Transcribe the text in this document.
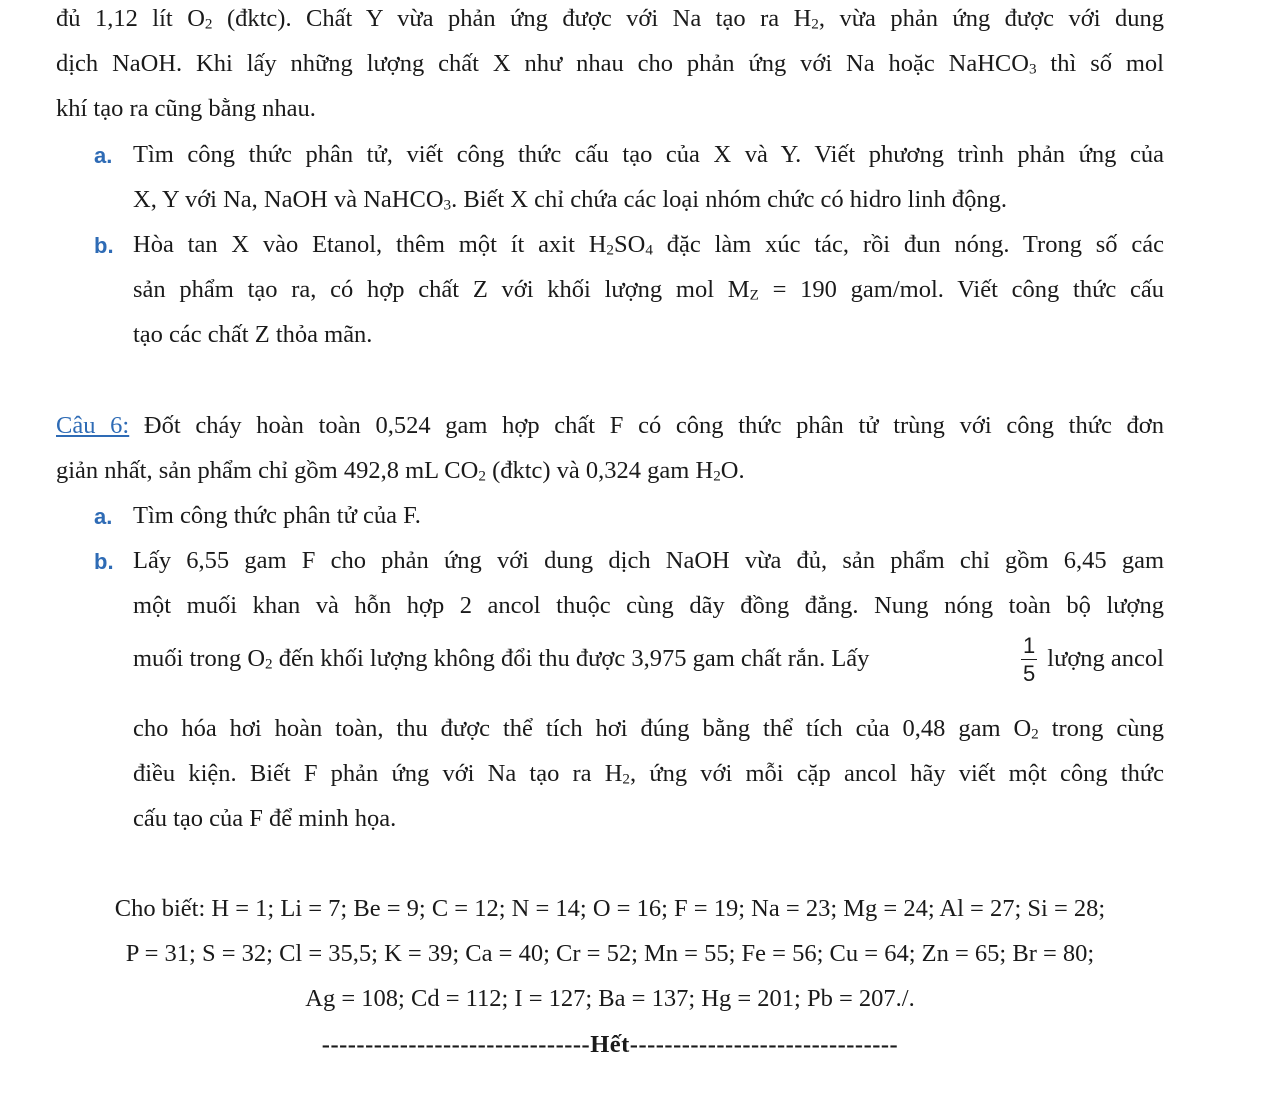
đủ 1,12 lít $O_2$ (đktc). Chất Y vừa phản ứng được với Na tạo ra $H_2$, vừa phản ứng được với dung
dịch NaOH. Khi lấy những lượng chất X như nhau cho phản ứng với Na hoặc NaHCO$_3$ thì số mol
khí tạo ra cũng bằng nhau.
a. Tìm công thức phân tử, viết công thức cấu tạo của X và Y. Viết phương trình phản ứng của
X, Y với Na, NaOH và NaHCO$_3$. Biết X chỉ chứa các loại nhóm chức có hidro linh động.
b. Hòa tan X vào Etanol, thêm một ít axit $H_2SO_4$ đặc làm xúc tác, rồi đun nóng. Trong số các
sản phẩm tạo ra, có hợp chất Z với khối lượng mol $M_Z = 190$ gam/mol. Viết công thức cấu
tạo các chất Z thỏa mãn.
Câu 6: Đốt cháy hoàn toàn 0,524 gam hợp chất F có công thức phân tử trùng với công thức đơn
giản nhất, sản phẩm chỉ gồm 492,8 mL $CO_2$ (đktc) và 0,324 gam $H_2O$.
a. Tìm công thức phân tử của F.
b. Lấy 6,55 gam F cho phản ứng với dung dịch NaOH vừa đủ, sản phẩm chỉ gồm 6,45 gam
một muối khan và hỗn hợp 2 ancol thuộc cùng dãy đồng đẳng. Nung nóng toàn bộ lượng
muối trong $O_2$ đến khối lượng không đổi thu được 3,975 gam chất rắn. Lấy	$\frac{1}{5}$ lượng ancol
cho hóa hơi hoàn toàn, thu được thể tích hơi đúng bằng thể tích của 0,48 gam $O_2$ trong cùng
điều kiện. Biết F phản ứng với Na tạo ra $H_2$, ứng với mỗi cặp ancol hãy viết một công thức
cấu tạo của F để minh họa.
Cho biết: H = 1; Li = 7; Be = 9; C = 12; N = 14; O = 16; F = 19; Na = 23; Mg = 24; Al = 27; Si = 28;
P = 31; S = 32; Cl = 35,5; K = 39; Ca = 40; Cr = 52; Mn = 55; Fe = 56; Cu = 64; Zn = 65; Br = 80;
Ag = 108; Cd = 112; I = 127; Ba = 137; Hg = 201; Pb = 207./.
-------------------------------Hết-------------------------------
